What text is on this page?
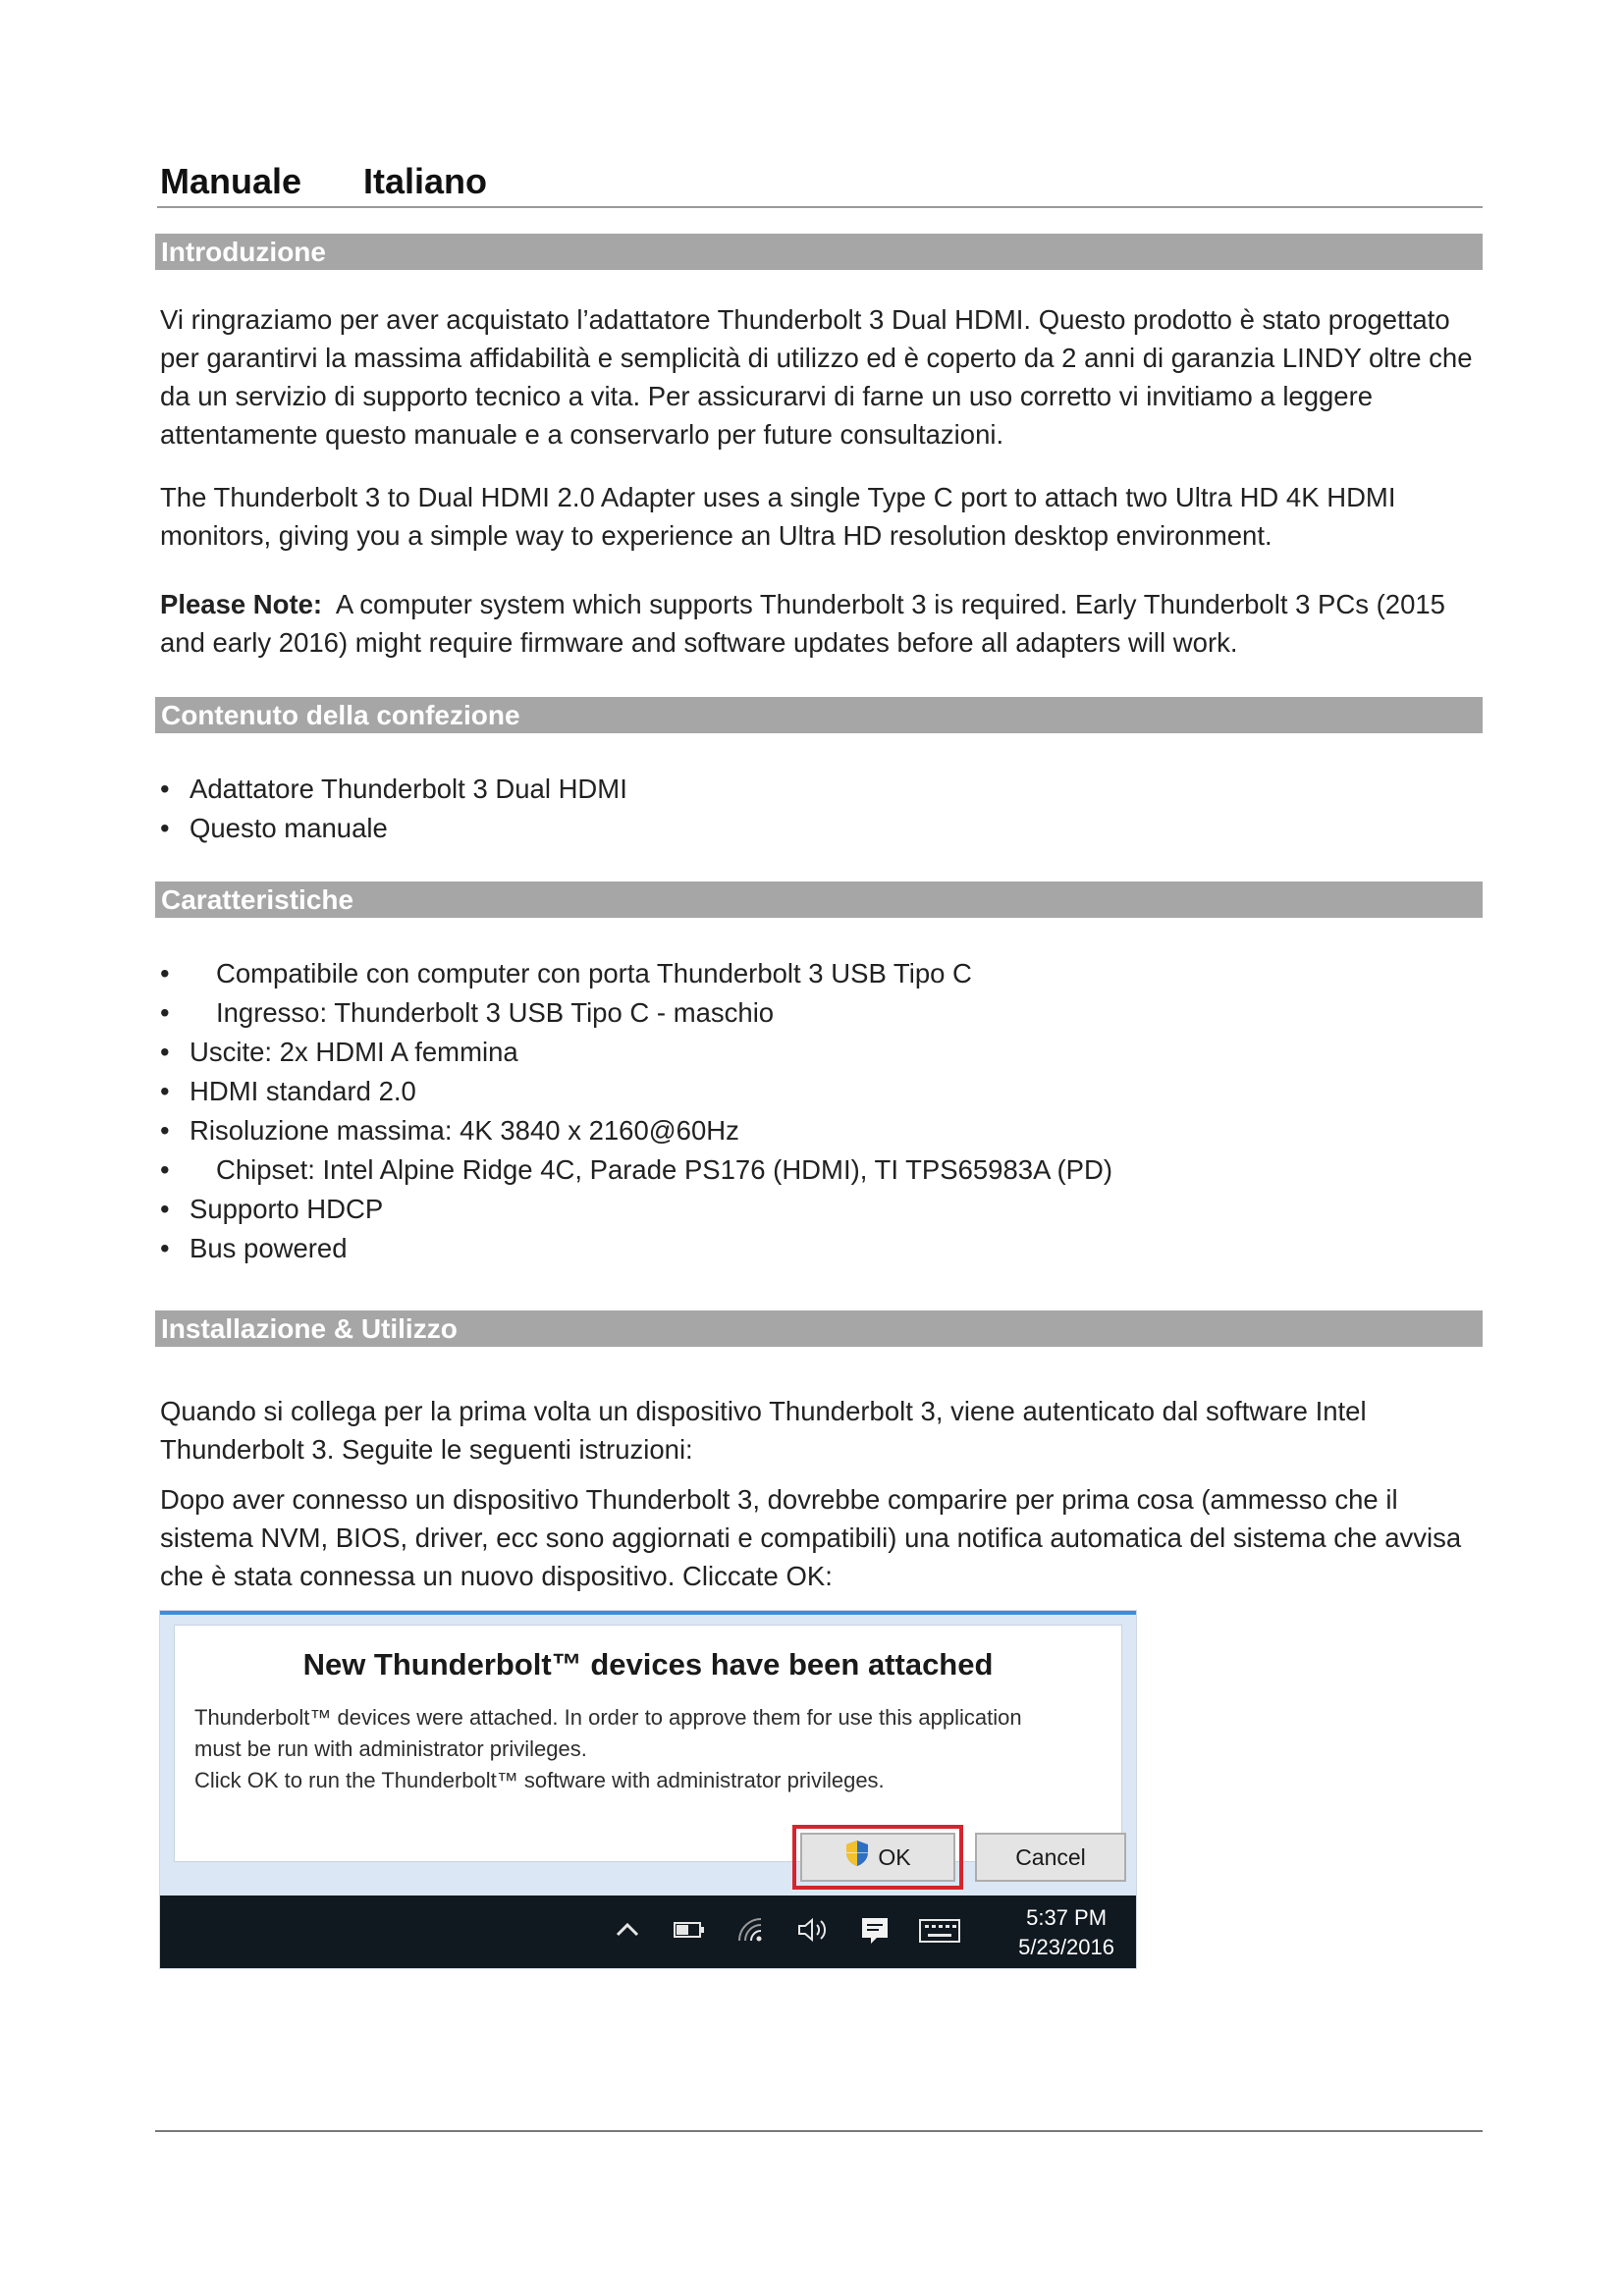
Manuale Italiano
Introduzione

Vi ringraziamo per aver acquistato l’adattatore Thunderbolt 3 Dual HDMI. Questo prodotto è stato progettato per garantirvi la massima affidabilità e semplicità di utilizzo ed è coperto da 2 anni di garanzia LINDY oltre che da un servizio di supporto tecnico a vita. Per assicurarvi di farne un uso corretto vi invitiamo a leggere attentamente questo manuale e a conservarlo per future consultazioni.

The Thunderbolt 3 to Dual HDMI 2.0 Adapter uses a single Type C port to attach two Ultra HD 4K HDMI monitors, giving you a simple way to experience an Ultra HD resolution desktop environment.

Please Note: A computer system which supports Thunderbolt 3 is required. Early Thunderbolt 3 PCs (2015 and early 2016) might require firmware and software updates before all adapters will work.

Contenuto della confezione
• Adattatore Thunderbolt 3 Dual HDMI
• Questo manuale
Caratteristiche
• Compatibile con computer con porta Thunderbolt 3 USB Tipo C
• Ingresso: Thunderbolt 3 USB Tipo C - maschio
• Uscite: 2x HDMI A femmina
• HDMI standard 2.0
• Risoluzione massima: 4K 3840 x 2160@60Hz
• Chipset: Intel Alpine Ridge 4C, Parade PS176 (HDMI), TI TPS65983A (PD)
• Supporto HDCP
• Bus powered
Installazione & Utilizzo

Quando si collega per la prima volta un dispositivo Thunderbolt 3, viene autenticato dal software Intel Thunderbolt 3. Seguite le seguenti istruzioni:

Dopo aver connesso un dispositivo Thunderbolt 3, dovrebbe comparire per prima cosa (ammesso che il sistema NVM, BIOS, driver, ecc sono aggiornati e compatibili) una notifica automatica del sistema che avvisa che è stata connessa un nuovo dispositivo. Cliccate OK:

New Thunderbolt™ devices have been attached
Thunderbolt™ devices were attached. In order to approve them for use this application
must be run with administrator privileges.
Click OK to run the Thunderbolt™ software with administrator privileges.
OK	Cancel
5:37 PM
5/23/2016
